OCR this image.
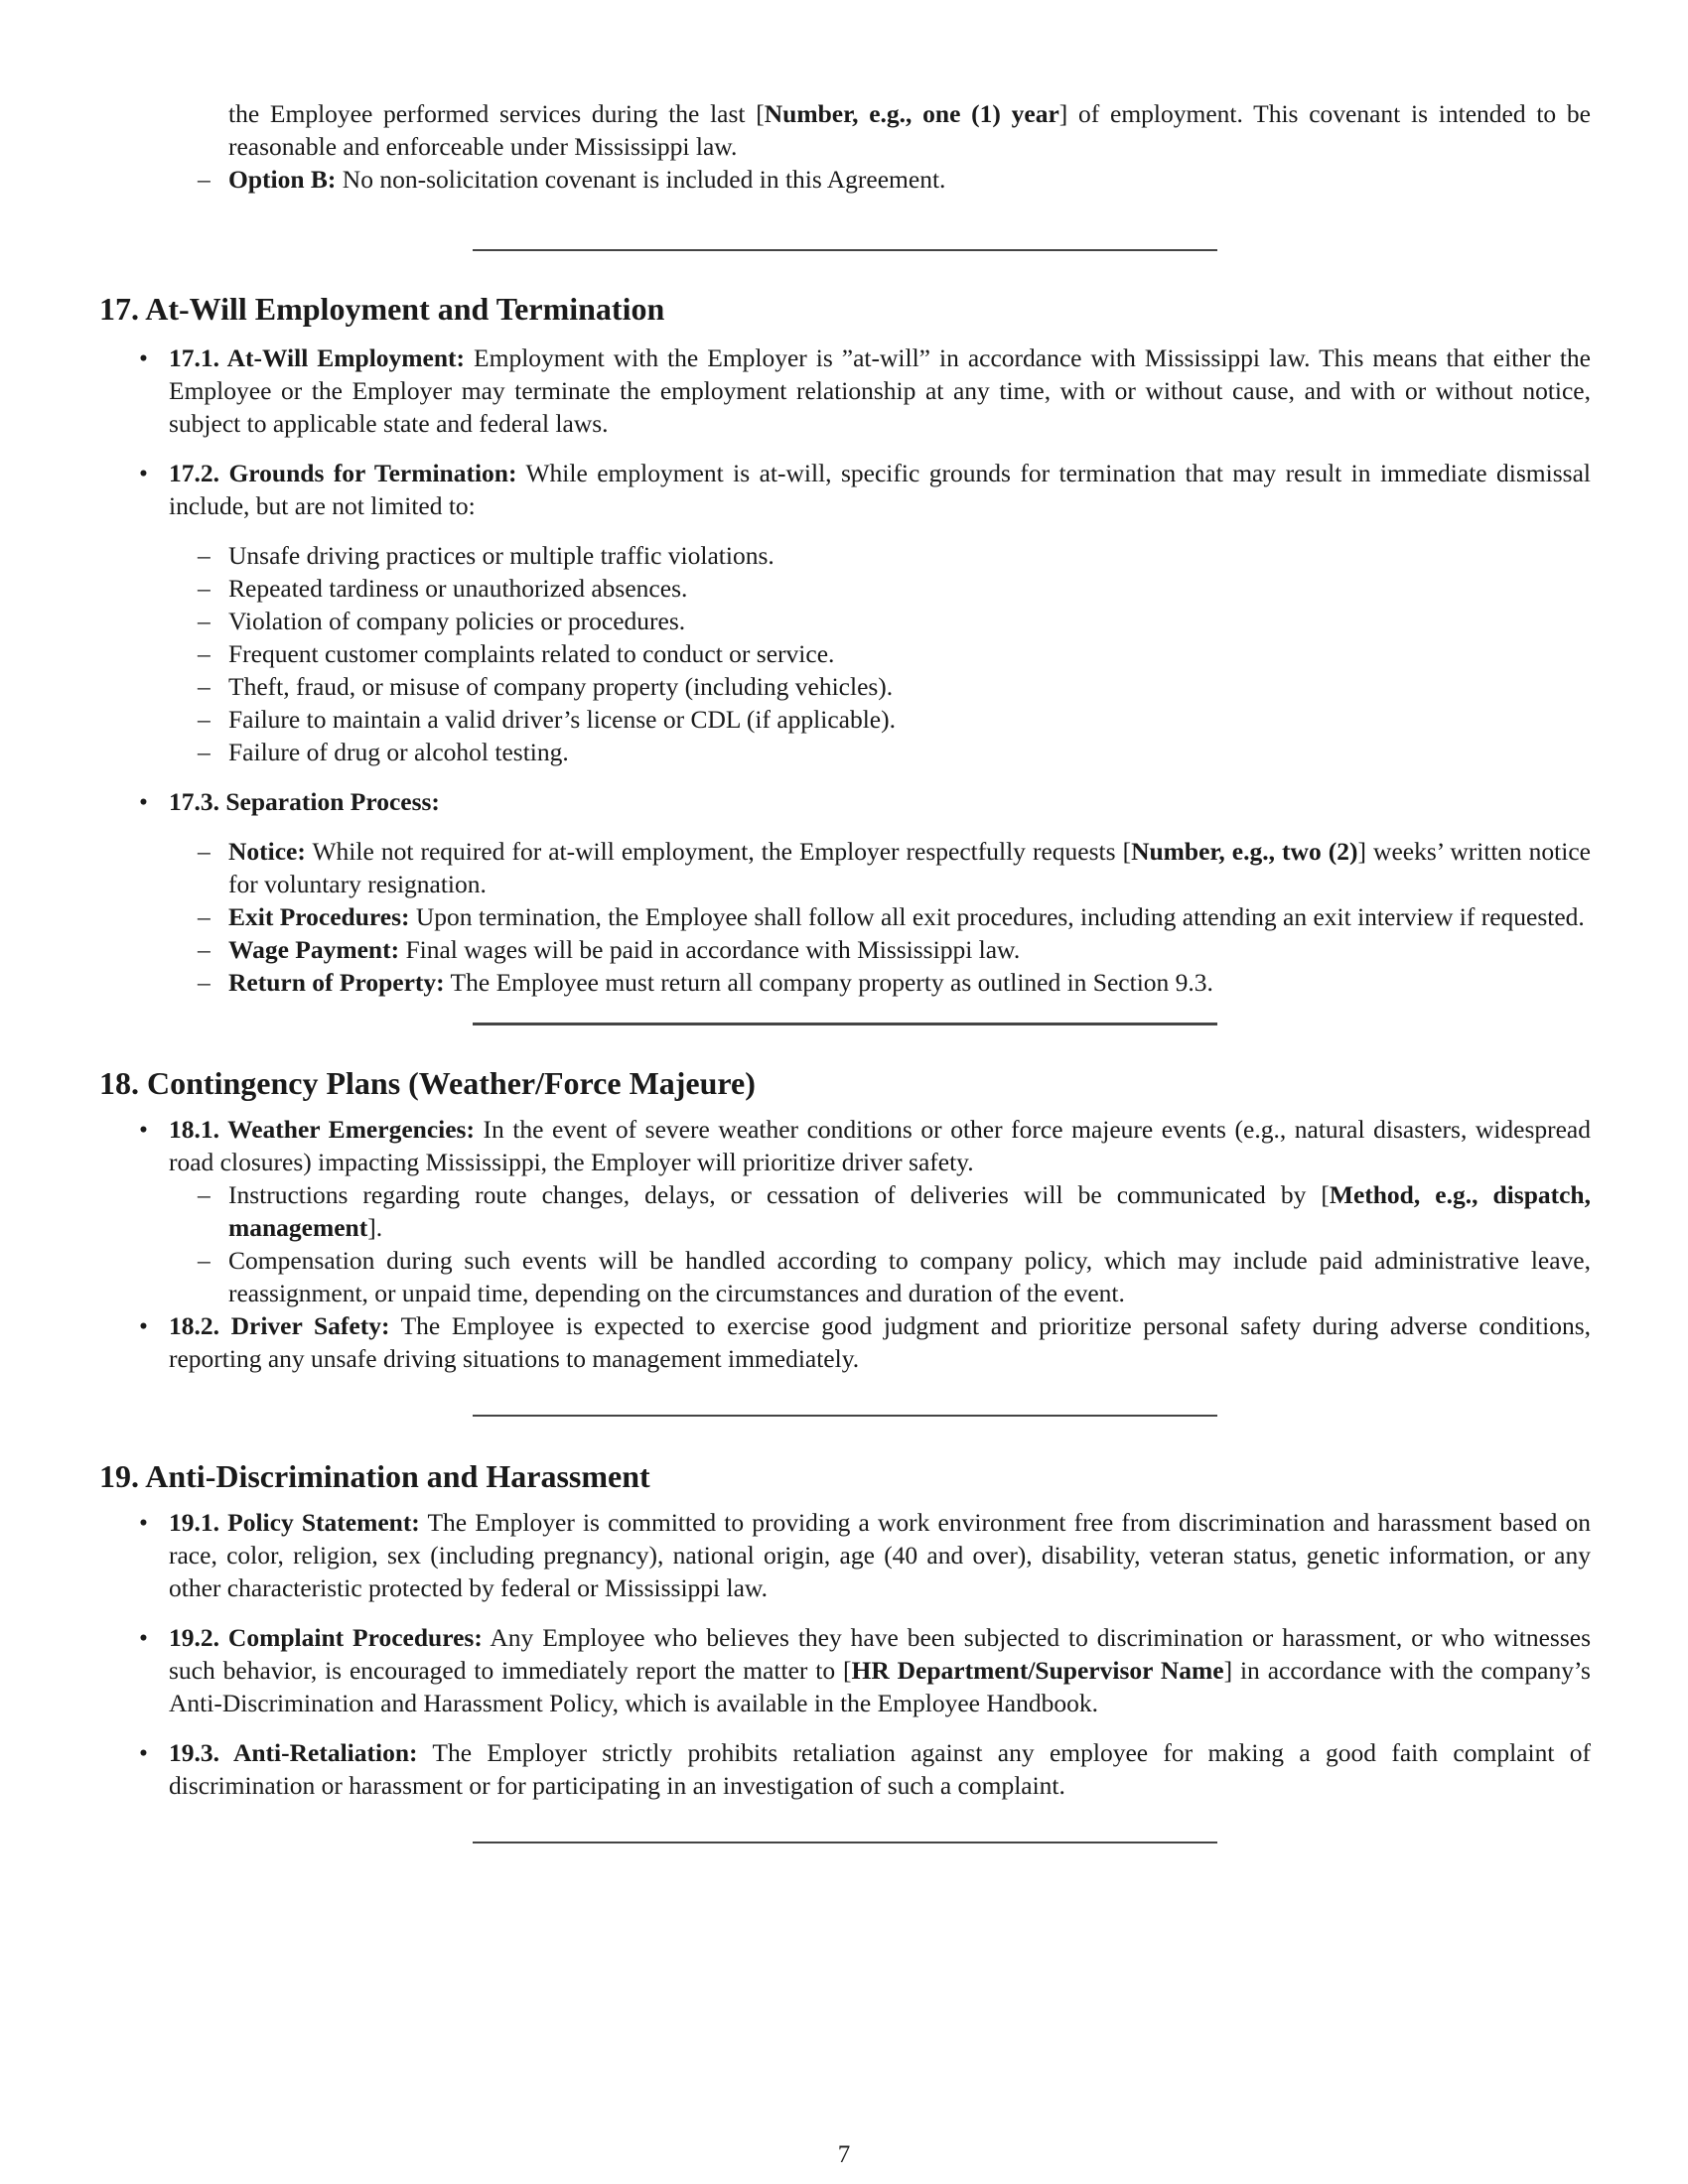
the Employee performed services during the last [Number, e.g., one (1) year] of employment. This covenant is intended to be reasonable and enforceable under Mississippi law.

– Option B: No non-solicitation covenant is included in this Agreement.

17. At-Will Employment and Termination

• 17.1. At-Will Employment: Employment with the Employer is ”at-will” in accordance with Mississippi law. This means that either the Employee or the Employer may terminate the employment relationship at any time, with or without cause, and with or without notice, subject to applicable state and federal laws.

• 17.2. Grounds for Termination: While employment is at-will, specific grounds for termination that may result in immediate dismissal include, but are not limited to:

– Unsafe driving practices or multiple traffic violations.

– Repeated tardiness or unauthorized absences.

– Violation of company policies or procedures.

– Frequent customer complaints related to conduct or service.

– Theft, fraud, or misuse of company property (including vehicles).

– Failure to maintain a valid driver’s license or CDL (if applicable).

– Failure of drug or alcohol testing.

• 17.3. Separation Process:

– Notice: While not required for at-will employment, the Employer respectfully requests [Number, e.g., two (2)] weeks’ written notice for voluntary resignation.

– Exit Procedures: Upon termination, the Employee shall follow all exit procedures, including attending an exit interview if requested.

– Wage Payment: Final wages will be paid in accordance with Mississippi law.

– Return of Property: The Employee must return all company property as outlined in Section 9.3.

18. Contingency Plans (Weather/Force Majeure)

• 18.1. Weather Emergencies: In the event of severe weather conditions or other force majeure events (e.g., natural disasters, widespread road closures) impacting Mississippi, the Employer will prioritize driver safety.

– Instructions regarding route changes, delays, or cessation of deliveries will be communicated by [Method, e.g., dispatch, management].

– Compensation during such events will be handled according to company policy, which may include paid administrative leave, reassignment, or unpaid time, depending on the circumstances and duration of the event.

• 18.2. Driver Safety: The Employee is expected to exercise good judgment and prioritize personal safety during adverse conditions, reporting any unsafe driving situations to management immediately.

19. Anti-Discrimination and Harassment

• 19.1. Policy Statement: The Employer is committed to providing a work environment free from discrimination and harassment based on race, color, religion, sex (including pregnancy), national origin, age (40 and over), disability, veteran status, genetic information, or any other characteristic protected by federal or Mississippi law.

• 19.2. Complaint Procedures: Any Employee who believes they have been subjected to discrimination or harassment, or who witnesses such behavior, is encouraged to immediately report the matter to [HR Department/Supervisor Name] in accordance with the company’s Anti-Discrimination and Harassment Policy, which is available in the Employee Handbook.

• 19.3. Anti-Retaliation: The Employer strictly prohibits retaliation against any employee for making a good faith complaint of discrimination or harassment or for participating in an investigation of such a complaint.

7
